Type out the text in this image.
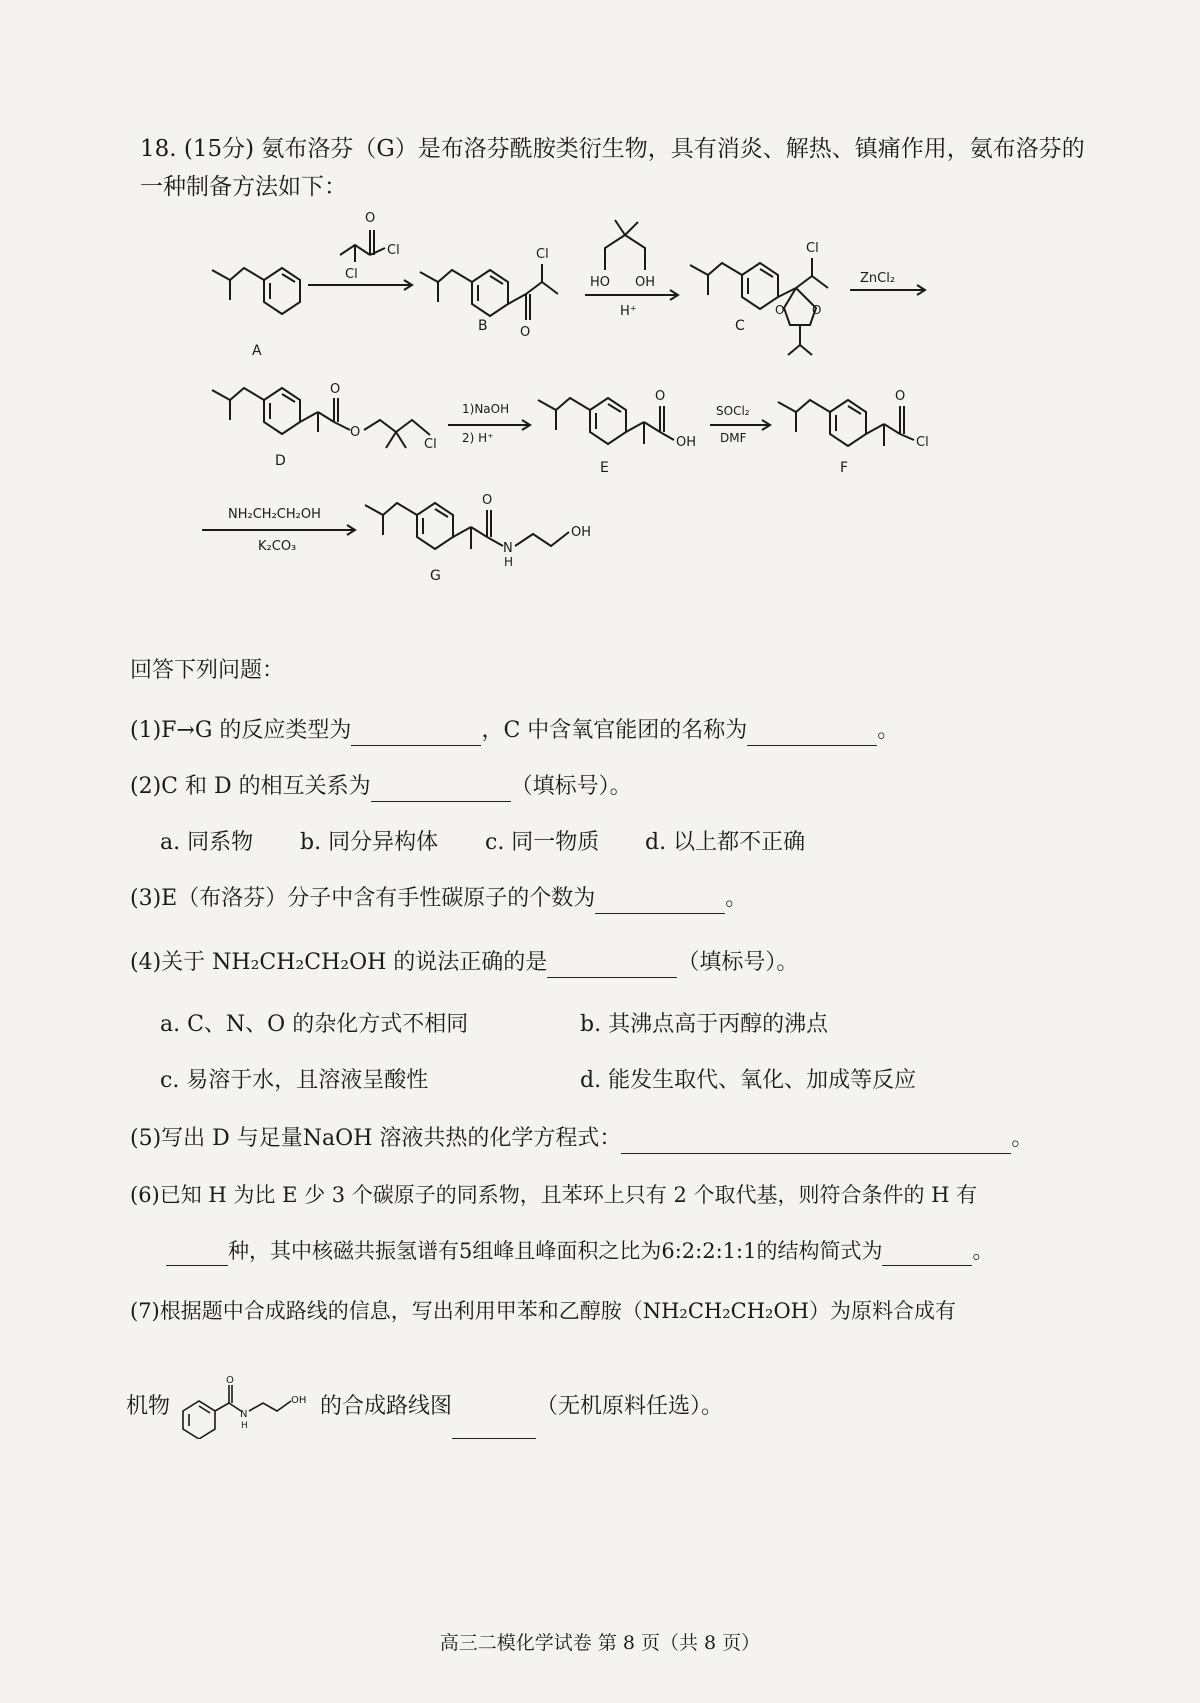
18. (15分) 氨布洛芬（G）是布洛芬酰胺类衍生物，具有消炎、解热、镇痛作用，氨布洛芬的一种制备方法如下：
A
O
Cl
Cl
Cl
O
B
HO OH
H⁺
Cl
O O
C
ZnCl₂
O
O
Cl
D
1)NaOH
2) H⁺
O
OH
E
SOCl₂
DMF
O
Cl
F
NH₂CH₂CH₂OH
K₂CO₃
O
N
H
OH
G
回答下列问题：
(1)F→G 的反应类型为	，C 中含氧官能团的名称为	。
(2)C 和 D 的相互关系为	（填标号）。
a. 同系物 b. 同分异构体 c. 同一物质 d. 以上都不正确
(3)E（布洛芬）分子中含有手性碳原子的个数为	。
(4)关于 NH₂CH₂CH₂OH 的说法正确的是	（填标号）。
a. C、N、O 的杂化方式不相同	b. 其沸点高于丙醇的沸点
c. 易溶于水，且溶液呈酸性	d. 能发生取代、氧化、加成等反应
(5)写出 D 与足量NaOH 溶液共热的化学方程式：	。
(6)已知 H 为比 E 少 3 个碳原子的同系物，且苯环上只有 2 个取代基，则符合条件的 H 有
种，其中核磁共振氢谱有5组峰且峰面积之比为6:2:2:1:1的结构简式为	。
(7)根据题中合成路线的信息，写出利用甲苯和乙醇胺（NH₂CH₂CH₂OH）为原料合成有
机物
O
N
H
OH 的合成路线图	（无机原料任选）。
高三二模化学试卷 第 8 页（共 8 页）
